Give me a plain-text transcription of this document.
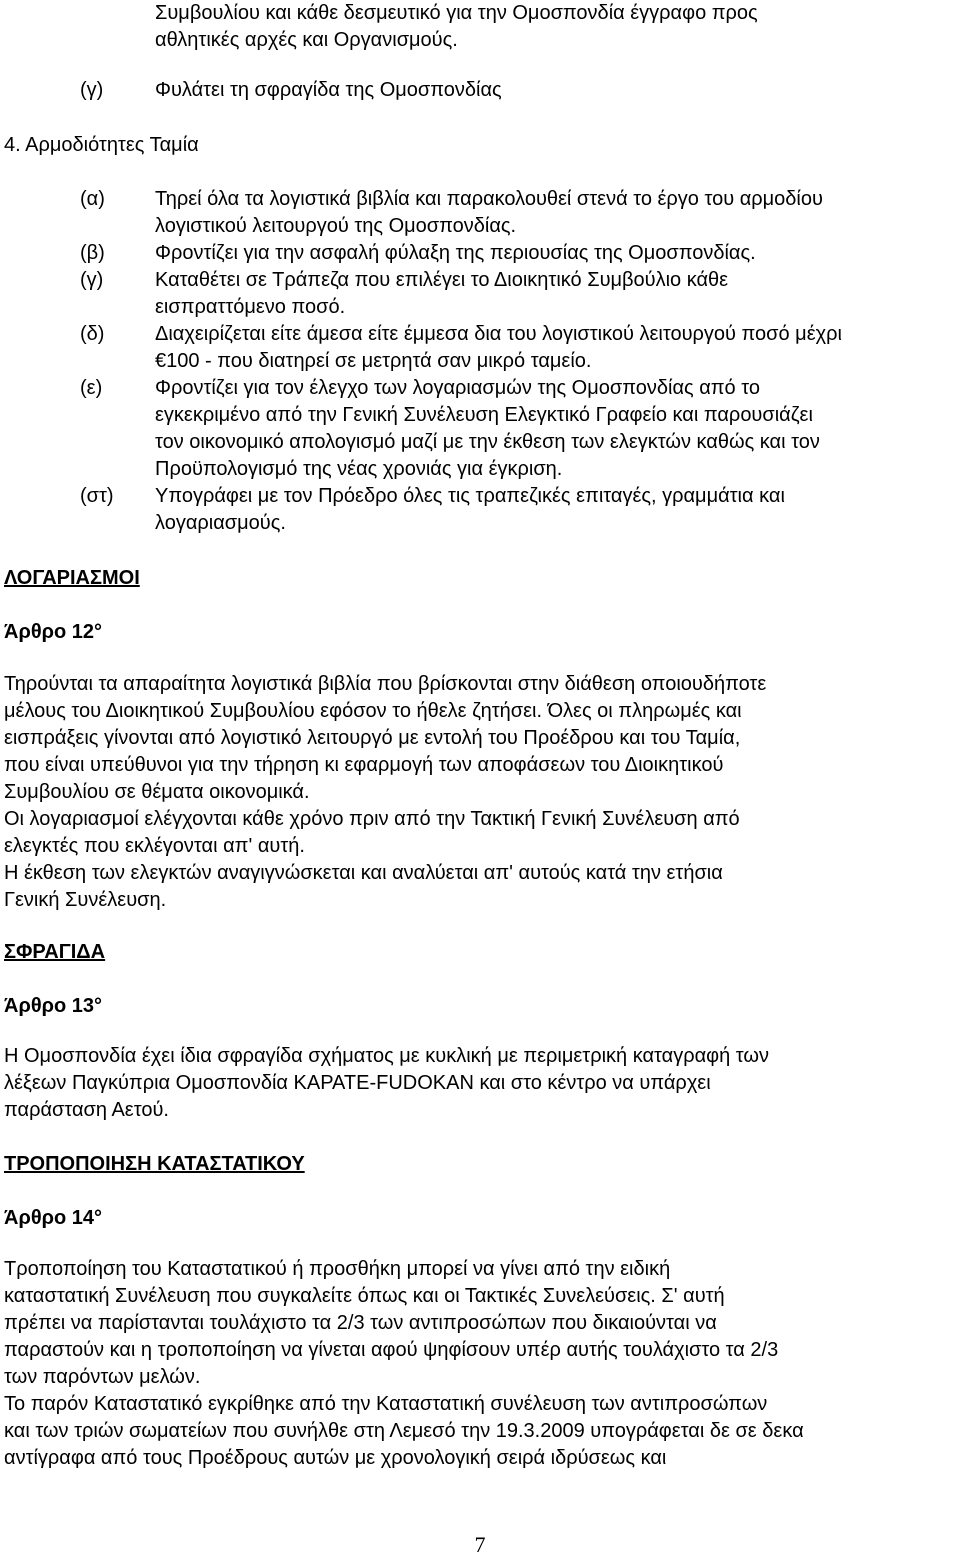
Συμβουλίου και κάθε δεσμευτικό για την Ομοσπονδία έγγραφο προς
αθλητικές αρχές και Οργανισμούς.
(γ)	Φυλάτει τη σφραγίδα της Ομοσπονδίας
4. Αρμοδιότητες Ταμία
(α)	Τηρεί όλα τα λογιστικά βιβλία και παρακολουθεί στενά το έργο του αρμοδίου
λογιστικού λειτουργού της Ομοσπονδίας.
(β)	Φροντίζει για την ασφαλή φύλαξη της περιουσίας της Ομοσπονδίας.
(γ)	Καταθέτει σε Τράπεζα που επιλέγει το Διοικητικό Συμβούλιο κάθε
εισπραττόμενο ποσό.
(δ)	Διαχειρίζεται είτε άμεσα είτε έμμεσα δια του λογιστικού λειτουργού ποσό μέχρι
€100 - που διατηρεί σε μετρητά σαν μικρό ταμείο.
(ε)	Φροντίζει για τον έλεγχο των λογαριασμών της Ομοσπονδίας από το
εγκεκριμένο από την Γενική Συνέλευση Ελεγκτικό Γραφείο και παρουσιάζει
τον οικονομικό απολογισμό μαζί με την έκθεση των ελεγκτών καθώς και τον
Προϋπολογισμό της νέας χρονιάς για έγκριση.
(στ) Υπογράφει με τον Πρόεδρο όλες τις τραπεζικές επιταγές, γραμμάτια και
λογαριασμούς.
ΛΟΓΑΡΙΑΣΜΟΙ
Άρθρο 12°
Τηρούνται τα απαραίτητα λογιστικά βιβλία που βρίσκονται στην διάθεση οποιουδήποτε
μέλους του Διοικητικού Συμβουλίου εφόσον το ήθελε ζητήσει. Όλες οι πληρωμές και
εισπράξεις γίνονται από λογιστικό λειτουργό με εντολή του Προέδρου και του Ταμία,
που είναι υπεύθυνοι για την τήρηση κι εφαρμογή των αποφάσεων του Διοικητικού
Συμβουλίου σε θέματα οικονομικά.
Οι λογαριασμοί ελέγχονται κάθε χρόνο πριν από την Τακτική Γενική Συνέλευση από
ελεγκτές που εκλέγονται απ' αυτή.
Η έκθεση των ελεγκτών αναγιγνώσκεται και αναλύεται απ' αυτούς κατά την ετήσια
Γενική Συνέλευση.
ΣΦΡΑΓΙΔΑ
Άρθρο 13°
Η Ομοσπονδία έχει ίδια σφραγίδα σχήματος με κυκλική με περιμετρική καταγραφή των
λέξεων Παγκύπρια Ομοσπονδία ΚΑΡΑΤΕ-FUDOKAN και στο κέντρο να υπάρχει
παράσταση Αετού.
ΤΡΟΠΟΠΟΙΗΣΗ ΚΑΤΑΣΤΑΤΙΚΟΥ
Άρθρο 14°
Τροποποίηση του Καταστατικού ή προσθήκη μπορεί να γίνει από την ειδική
καταστατική Συνέλευση που συγκαλείτε όπως και οι Τακτικές Συνελεύσεις. Σ' αυτή
πρέπει να παρίστανται τουλάχιστο τα 2/3 των αντιπροσώπων που δικαιούνται να
παραστούν και η τροποποίηση να γίνεται αφού ψηφίσουν υπέρ αυτής τουλάχιστο τα 2/3
των παρόντων μελών.
Το παρόν Καταστατικό εγκρίθηκε από την Καταστατική συνέλευση των αντιπροσώπων
και των τριών σωματείων που συνήλθε στη Λεμεσό την 19.3.2009 υπογράφεται δε σε δεκα
αντίγραφα από τους Προέδρους αυτών με χρονολογική σειρά ιδρύσεως και
7
